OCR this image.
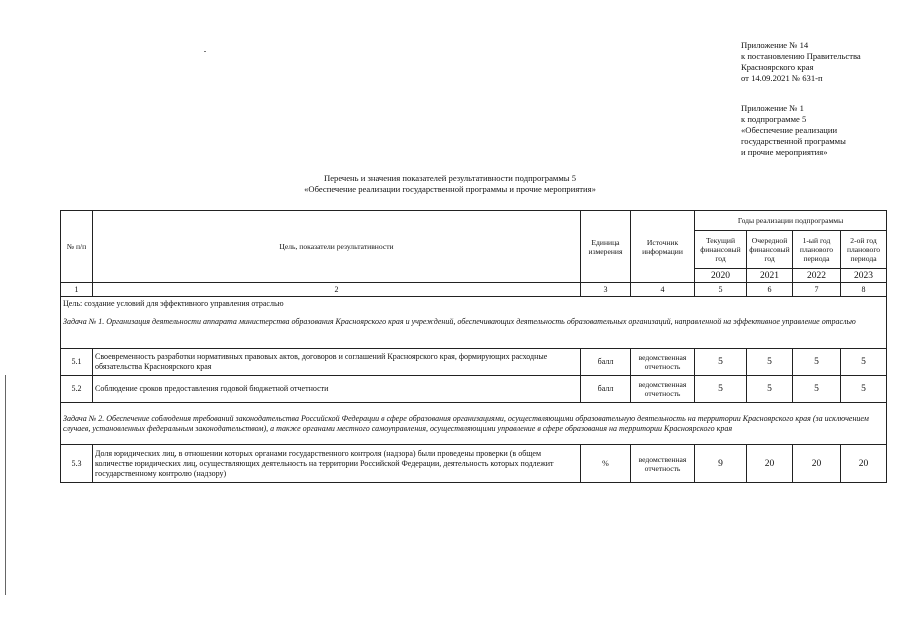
Приложение № 14
к постановлению Правительства
Красноярского края
от 14.09.2021 № 631-п
Приложение № 1
к подпрограмме 5
«Обеспечение реализации
государственной программы
и прочие мероприятия»
Перечень и значения показателей результативности подпрограммы 5
«Обеспечение реализации государственной программы и прочие мероприятия»
№ п/п	Цель, показатели результативности	Единица измерения	Источник информации	Годы реализации подпрограммы			
				Текущий финансовый год	Очередной финансовый год	1-ый год планового периода	2-ой год планового периода
				2020	2021	2022	2023
1	2	3	4	5	6	7	8

Цель: создание условий для эффективного управления отраслью
Задача № 1. Организация деятельности аппарата министерства образования Красноярского края и учреждений, обеспечивающих деятельность образовательных организаций, направленной на эффективное управление отраслью							

5.1	Своевременность разработки нормативных правовых актов, договоров и соглашений Красноярского края, формирующих расходные обязательства Красноярского края	балл	ведомственная отчетность	5	5	5	5
5.2	Соблюдение сроков предоставления годовой бюджетной отчетности	балл	ведомственная отчетность	5	5	5	5
Задача № 2. Обеспечение соблюдения требований законодательства Российской Федерации в сфере образования организациями, осуществляющими образовательную деятельность на территории Красноярского края (за исключением случаев, установленных федеральным законодательством), а также органами местного самоуправления, осуществляющими управление в сфере образования на территории Красноярского края							
5.3	Доля юридических лиц, в отношении которых органами государственного контроля (надзора) были проведены проверки (в общем количестве юридических лиц, осуществляющих деятельность на территории Российской Федерации, деятельность которых подлежит государственному контролю (надзору)	%	ведомственная отчетность	9	20	20	20
